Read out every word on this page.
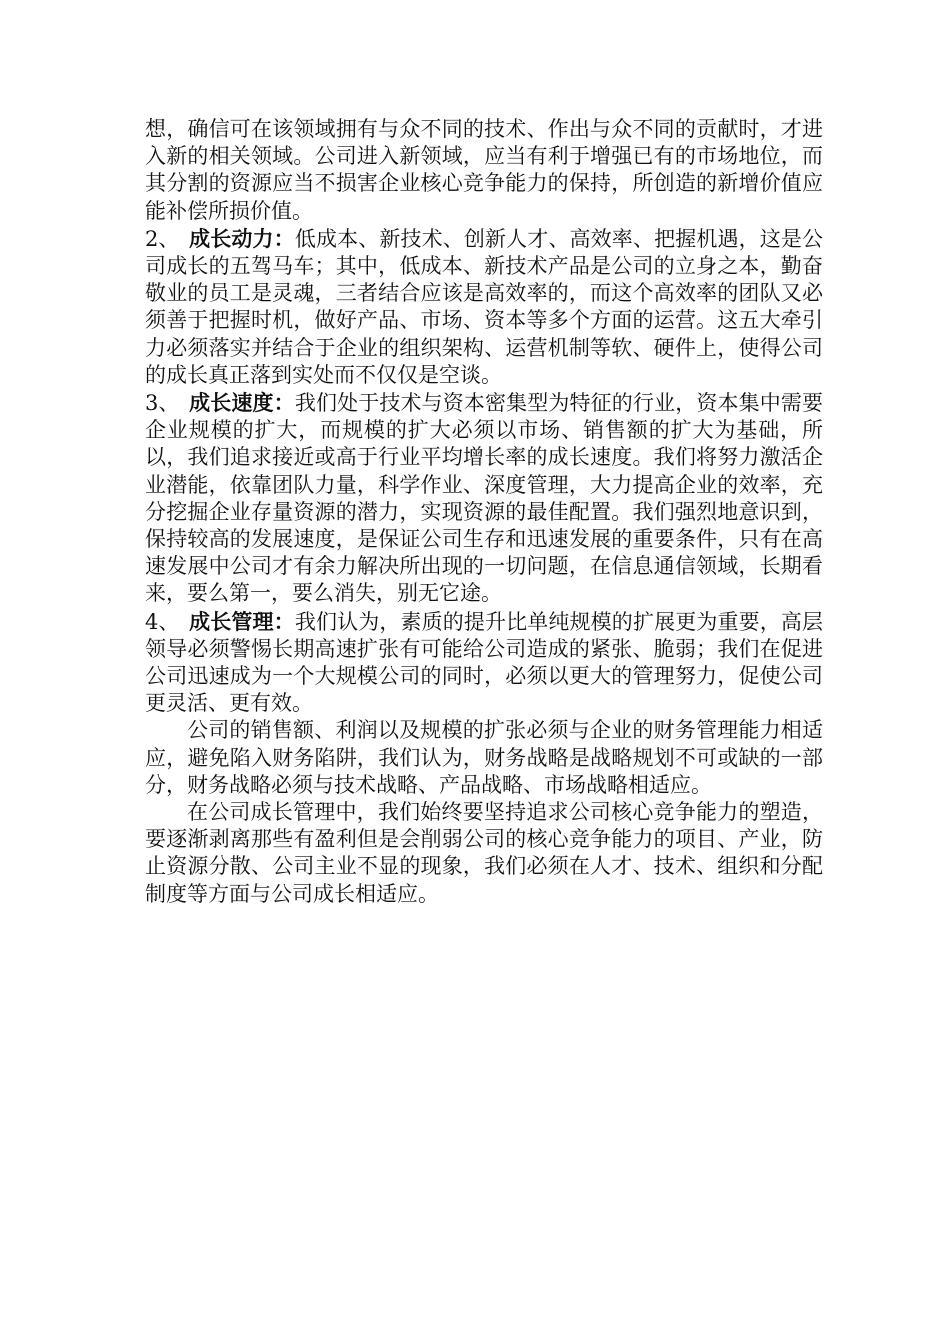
想，确信可在该领域拥有与众不同的技术、作出与众不同的贡献时，才进入新的相关领域。公司进入新领域，应当有利于增强已有的市场地位，而其分割的资源应当不损害企业核心竞争能力的保持，所创造的新增价值应能补偿所损价值。

2、 成长动力：低成本、新技术、创新人才、高效率、把握机遇，这是公司成长的五驾马车；其中，低成本、新技术产品是公司的立身之本，勤奋敬业的员工是灵魂，三者结合应该是高效率的，而这个高效率的团队又必须善于把握时机，做好产品、市场、资本等多个方面的运营。这五大牵引力必须落实并结合于企业的组织架构、运营机制等软、硬件上，使得公司的成长真正落到实处而不仅仅是空谈。

3、 成长速度：我们处于技术与资本密集型为特征的行业，资本集中需要企业规模的扩大，而规模的扩大必须以市场、销售额的扩大为基础，所以，我们追求接近或高于行业平均增长率的成长速度。我们将努力激活企业潜能，依靠团队力量，科学作业、深度管理，大力提高企业的效率，充分挖掘企业存量资源的潜力，实现资源的最佳配置。我们强烈地意识到，保持较高的发展速度，是保证公司生存和迅速发展的重要条件，只有在高速发展中公司才有余力解决所出现的一切问题，在信息通信领域，长期看来，要么第一，要么消失，别无它途。

4、 成长管理：我们认为，素质的提升比单纯规模的扩展更为重要，高层领导必须警惕长期高速扩张有可能给公司造成的紧张、脆弱；我们在促进公司迅速成为一个大规模公司的同时，必须以更大的管理努力，促使公司更灵活、更有效。

公司的销售额、利润以及规模的扩张必须与企业的财务管理能力相适应，避免陷入财务陷阱，我们认为，财务战略是战略规划不可或缺的一部分，财务战略必须与技术战略、产品战略、市场战略相适应。

在公司成长管理中，我们始终要坚持追求公司核心竞争能力的塑造，要逐渐剥离那些有盈利但是会削弱公司的核心竞争能力的项目、产业，防止资源分散、公司主业不显的现象，我们必须在人才、技术、组织和分配制度等方面与公司成长相适应。
